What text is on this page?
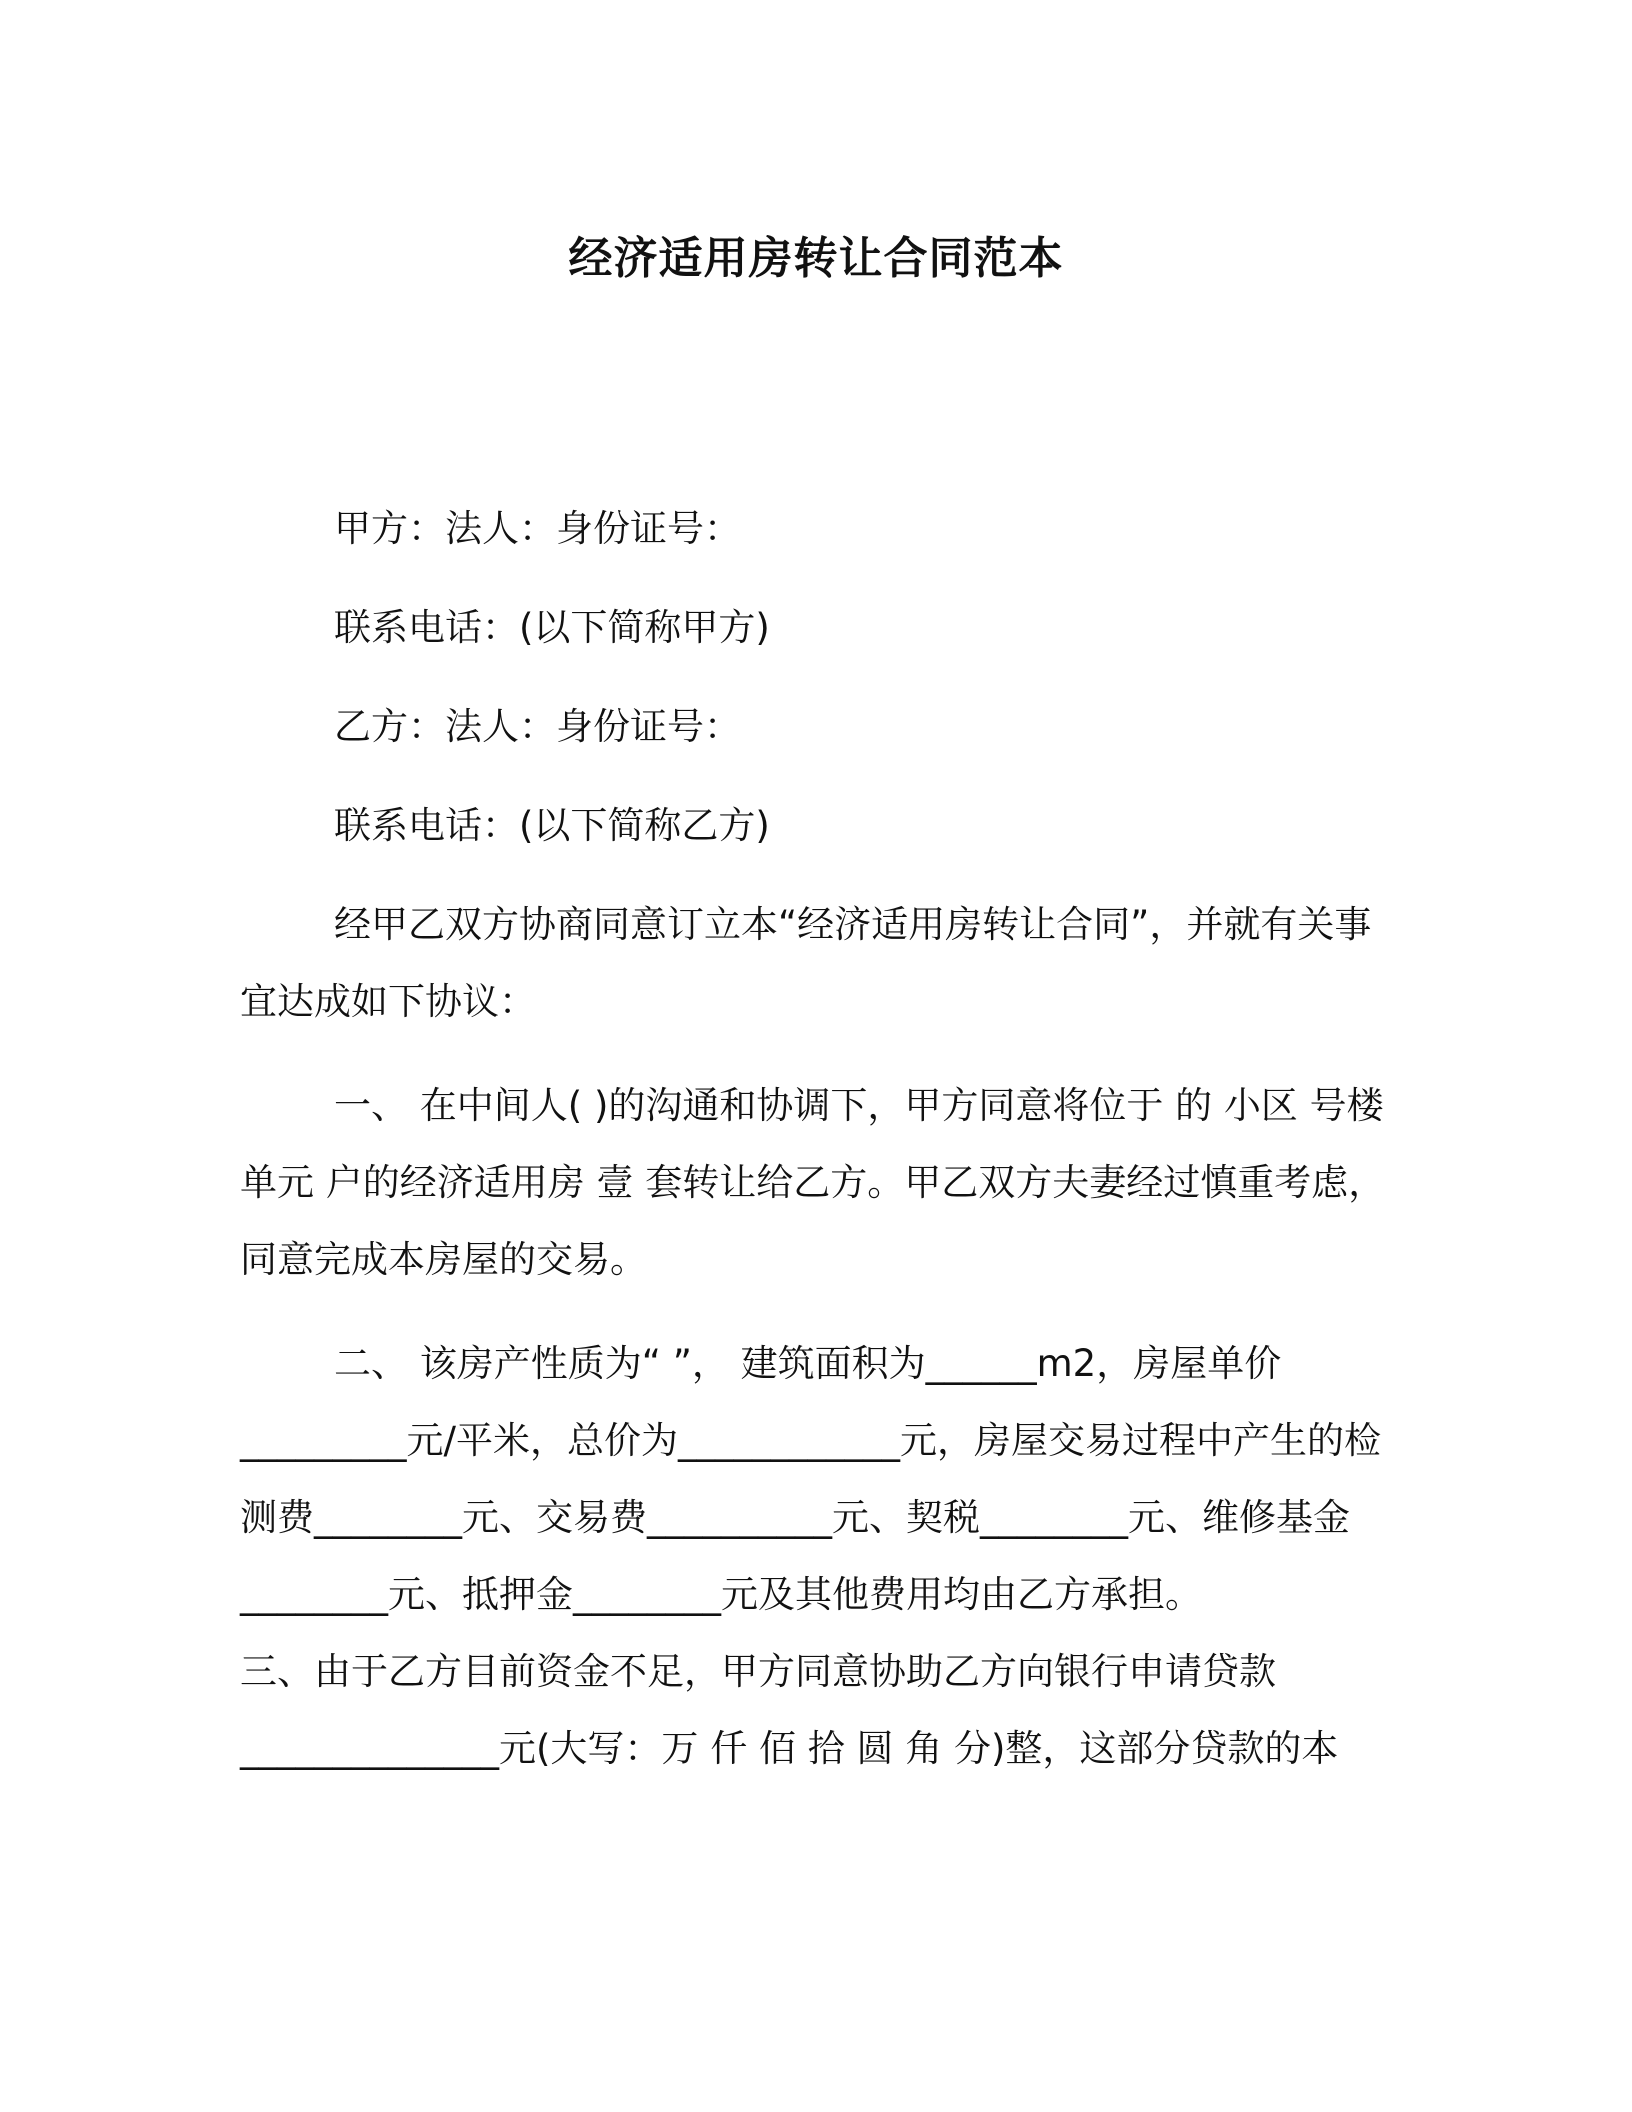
经济适用房转让合同范本

甲方：法人：身份证号：

联系电话：(以下简称甲方)

乙方：法人：身份证号：

联系电话：(以下简称乙方)

经甲乙双方协商同意订立本“经济适用房转让合同”，并就有关事宜达成如下协议：

一、 在中间人( )的沟通和协调下，甲方同意将位于 的 小区 号楼 单元 户的经济适用房 壹 套转让给乙方。甲乙双方夫妻经过慎重考虑，同意完成本房屋的交易。

二、 该房产性质为“ ”， 建筑面积为______m2，房屋单价_________元/平米，总价为____________元，房屋交易过程中产生的检测费________元、交易费__________元、契税________元、维修基金________元、抵押金________元及其他费用均由乙方承担。

三、由于乙方目前资金不足，甲方同意协助乙方向银行申请贷款______________元(大写：万 仟 佰 拾 圆 角 分)整，这部分贷款的本
